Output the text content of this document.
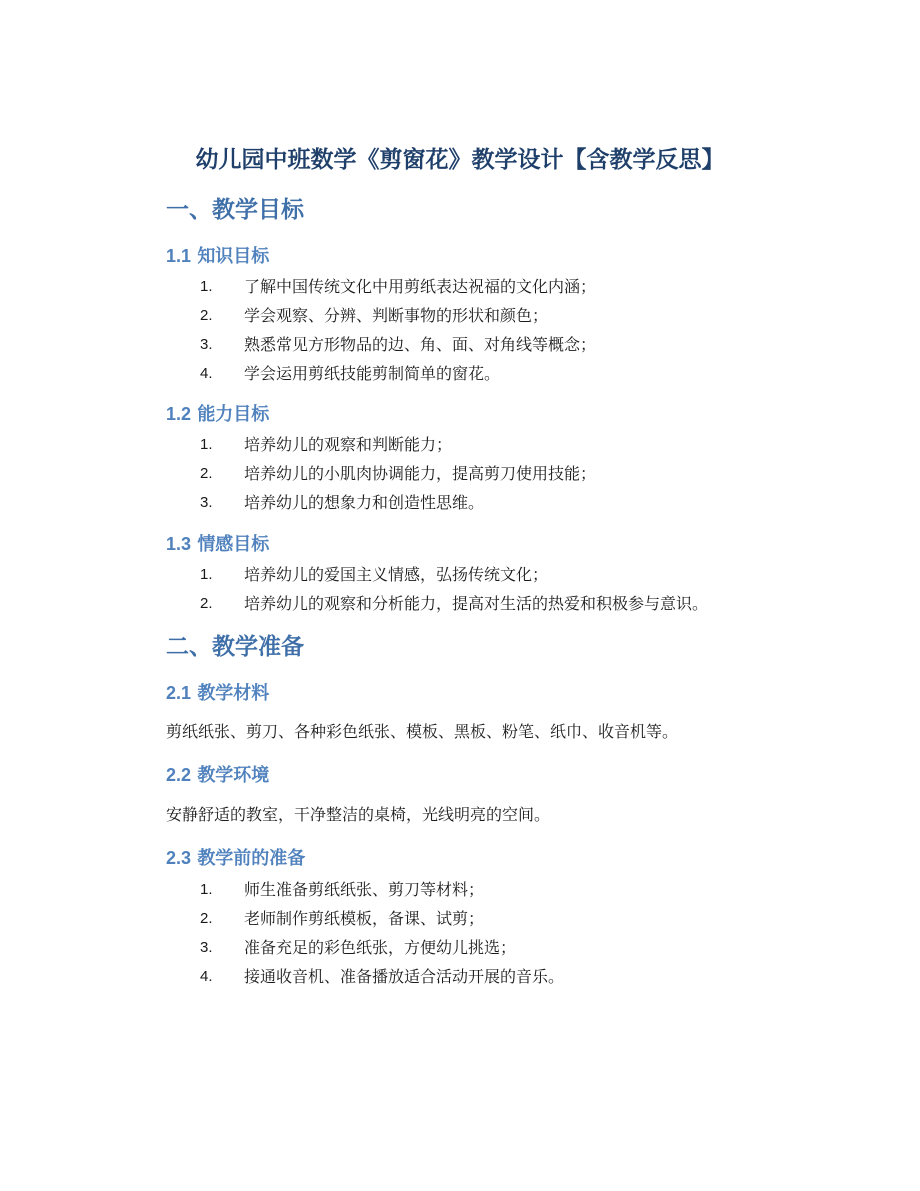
幼儿园中班数学《剪窗花》教学设计【含教学反思】
一、教学目标
1.1 知识目标
1.	了解中国传统文化中用剪纸表达祝福的文化内涵；
2.	学会观察、分辨、判断事物的形状和颜色；
3.	熟悉常见方形物品的边、角、面、对角线等概念；
4.	学会运用剪纸技能剪制简单的窗花。
1.2 能力目标
1.	培养幼儿的观察和判断能力；
2.	培养幼儿的小肌肉协调能力，提高剪刀使用技能；
3.	培养幼儿的想象力和创造性思维。
1.3 情感目标
1.	培养幼儿的爱国主义情感，弘扬传统文化；
2.	培养幼儿的观察和分析能力，提高对生活的热爱和积极参与意识。
二、教学准备
2.1 教学材料

剪纸纸张、剪刀、各种彩色纸张、模板、黑板、粉笔、纸巾、收音机等。

2.2 教学环境

安静舒适的教室，干净整洁的桌椅，光线明亮的空间。

2.3 教学前的准备
1.	师生准备剪纸纸张、剪刀等材料；
2.	老师制作剪纸模板，备课、试剪；
3.	准备充足的彩色纸张，方便幼儿挑选；
4.	接通收音机、准备播放适合活动开展的音乐。
